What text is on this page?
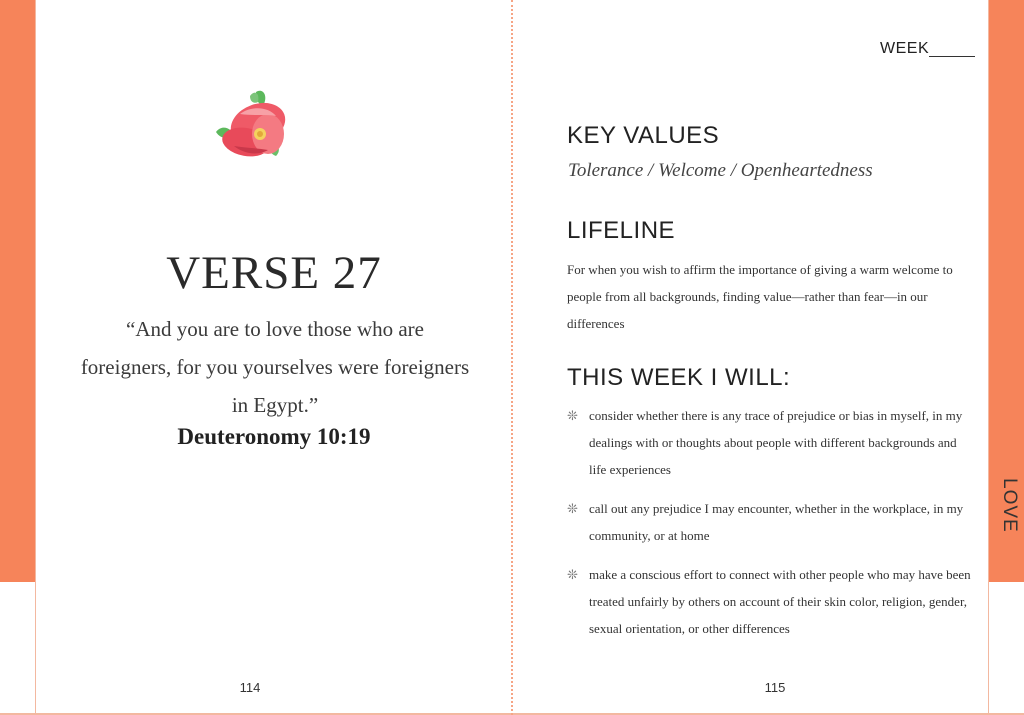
VERSE 27
“And you are to love those who are foreigners, for you yourselves were foreigners in Egypt.”
Deuteronomy 10:19
114
WEEK
KEY VALUES
Tolerance / Welcome / Openheartedness
LIFELINE
For when you wish to affirm the importance of giving a warm welcome to people from all backgrounds, finding value—rather than fear—in our differences
THIS WEEK I WILL:
❊ consider whether there is any trace of prejudice or bias in myself, in my dealings with or thoughts about people with different backgrounds and life experiences
❊ call out any prejudice I may encounter, whether in the workplace, in my community, or at home
❊ make a conscious effort to connect with other people who may have been treated unfairly by others on account of their skin color, religion, gender, sexual orientation, or other differences
LOVE
115
